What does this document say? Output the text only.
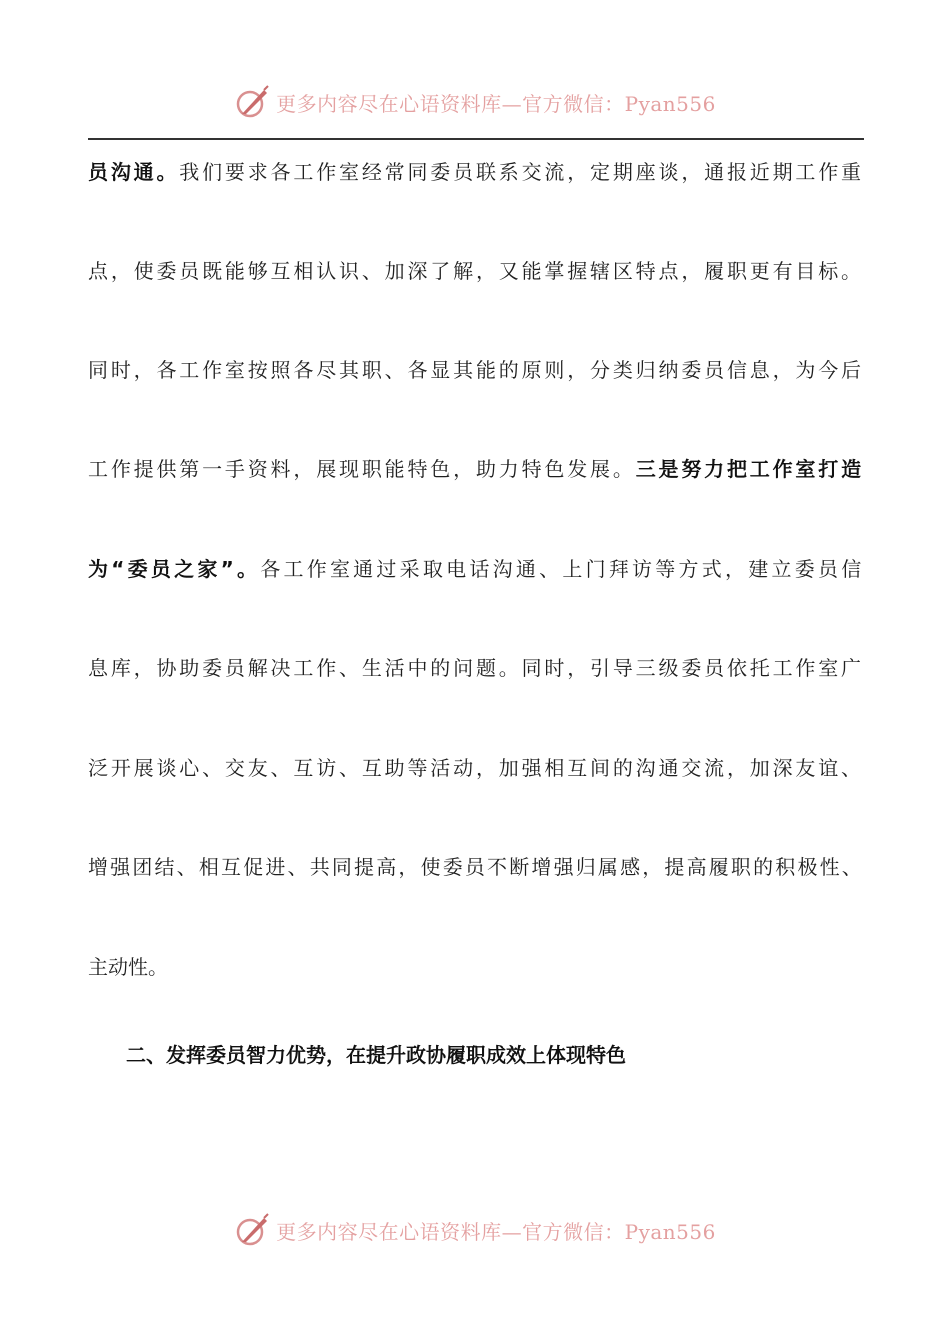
更多内容尽在心语资料库—官方微信：Pyan556
员沟通。我们要求各工作室经常同委员联系交流，定期座谈，通报近期工作重
点，使委员既能够互相认识、加深了解，又能掌握辖区特点，履职更有目标。
同时，各工作室按照各尽其职、各显其能的原则，分类归纳委员信息，为今后
工作提供第一手资料，展现职能特色，助力特色发展。三是努力把工作室打造
为“委员之家”。各工作室通过采取电话沟通、上门拜访等方式，建立委员信
息库，协助委员解决工作、生活中的问题。同时，引导三级委员依托工作室广
泛开展谈心、交友、互访、互助等活动，加强相互间的沟通交流，加深友谊、
增强团结、相互促进、共同提高，使委员不断增强归属感，提高履职的积极性、
主动性。
二、发挥委员智力优势，在提升政协履职成效上体现特色
更多内容尽在心语资料库—官方微信：Pyan556
